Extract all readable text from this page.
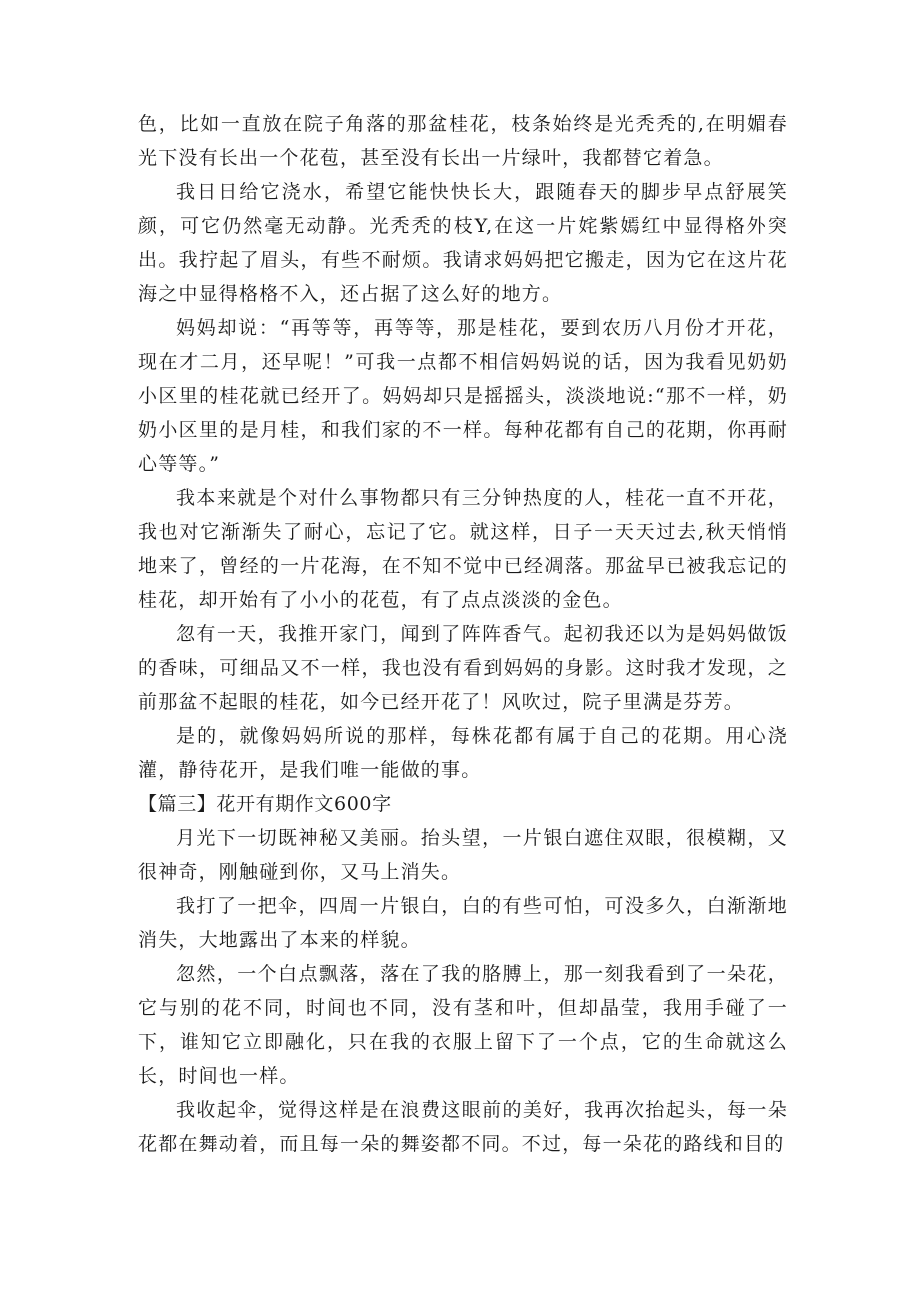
色，比如一直放在院子角落的那盆桂花，枝条始终是光秃秃的,在明媚春光下没有长出一个花苞，甚至没有长出一片绿叶，我都替它着急。

我日日给它浇水，希望它能快快长大，跟随春天的脚步早点舒展笑颜，可它仍然毫无动静。光秃秃的枝Y,在这一片姹紫嫣红中显得格外突出。我拧起了眉头，有些不耐烦。我请求妈妈把它搬走，因为它在这片花海之中显得格格不入，还占据了这么好的地方。

妈妈却说：“再等等，再等等，那是桂花，要到农历八月份才开花，现在才二月，还早呢！”可我一点都不相信妈妈说的话，因为我看见奶奶小区里的桂花就已经开了。妈妈却只是摇摇头，淡淡地说:“那不一样，奶奶小区里的是月桂，和我们家的不一样。每种花都有自己的花期，你再耐心等等。”

我本来就是个对什么事物都只有三分钟热度的人，桂花一直不开花，我也对它渐渐失了耐心，忘记了它。就这样，日子一天天过去,秋天悄悄地来了，曾经的一片花海，在不知不觉中已经凋落。那盆早已被我忘记的桂花，却开始有了小小的花苞，有了点点淡淡的金色。

忽有一天，我推开家门，闻到了阵阵香气。起初我还以为是妈妈做饭的香味，可细品又不一样，我也没有看到妈妈的身影。这时我才发现，之前那盆不起眼的桂花，如今已经开花了！风吹过，院子里满是芬芳。

是的，就像妈妈所说的那样，每株花都有属于自己的花期。用心浇灌，静待花开，是我们唯一能做的事。

【篇三】花开有期作文600字

月光下一切既神秘又美丽。抬头望，一片银白遮住双眼，很模糊，又很神奇，刚触碰到你，又马上消失。

我打了一把伞，四周一片银白，白的有些可怕，可没多久，白渐渐地消失，大地露出了本来的样貌。

忽然，一个白点飘落，落在了我的胳膊上，那一刻我看到了一朵花，它与别的花不同，时间也不同，没有茎和叶，但却晶莹，我用手碰了一下，谁知它立即融化，只在我的衣服上留下了一个点，它的生命就这么长，时间也一样。

我收起伞，觉得这样是在浪费这眼前的美好，我再次抬起头，每一朵花都在舞动着，而且每一朵的舞姿都不同。不过，每一朵花的路线和目的
